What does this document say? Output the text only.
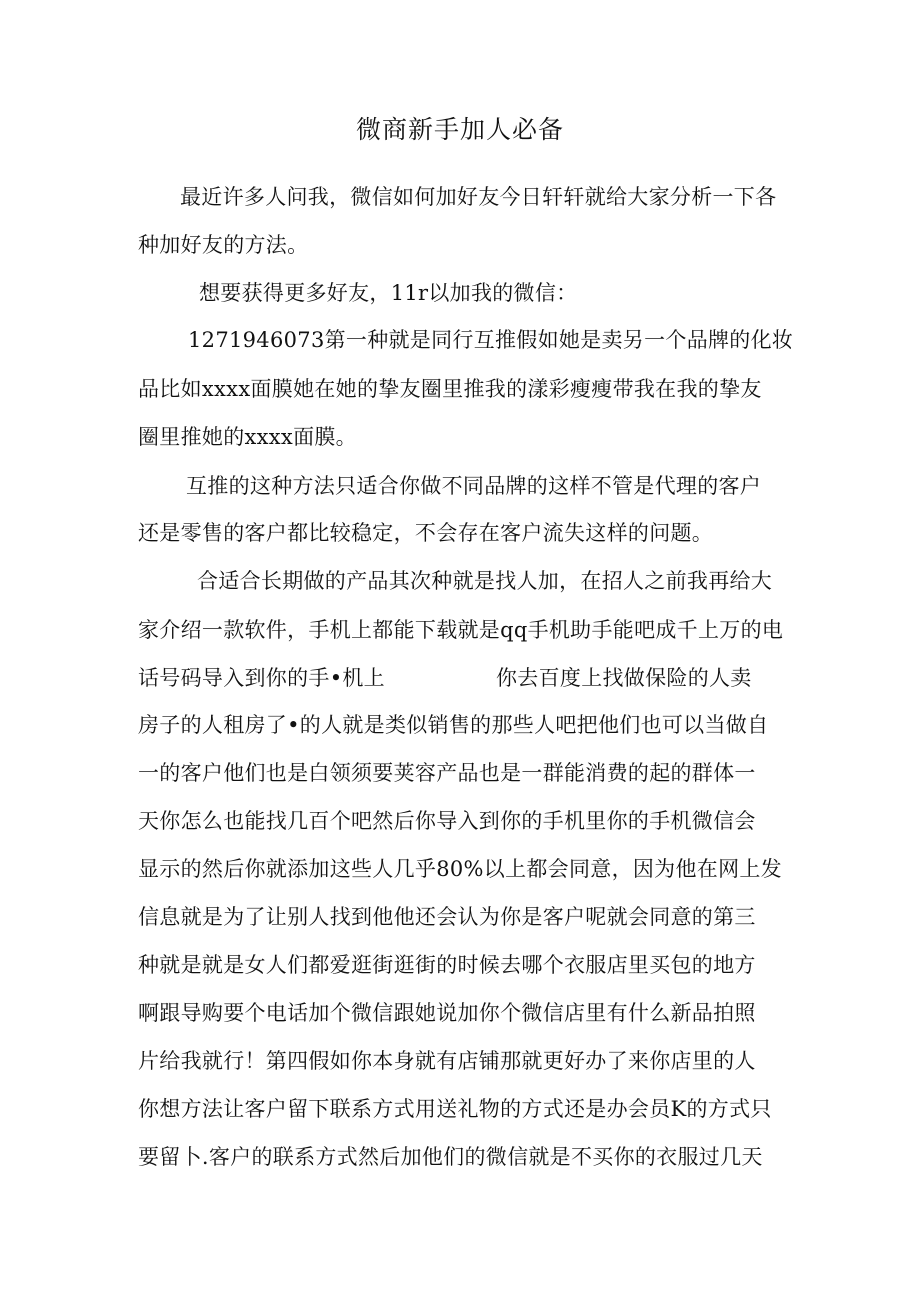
微商新手加人必备
最近许多人问我，微信如何加好友今日轩轩就给大家分析一下各
种加好友的方法。
想要获得更多好友，11r以加我的微信：
1271946073第一种就是同行互推假如她是卖另一个品牌的化妆
品比如xxxx面膜她在她的挚友圈里推我的漾彩瘦瘦带我在我的挚友
圈里推她的xxxx面膜。
互推的这种方法只适合你做不同品牌的这样不管是代理的客户
还是零售的客户都比较稳定，不会存在客户流失这样的问题。
合适合长期做的产品其次种就是找人加，在招人之前我再给大
家介绍一款软件，手机上都能下载就是qq手机助手能吧成千上万的电
话号码导入到你的手•机上	你去百度上找做保险的人卖
房子的人租房了•的人就是类似销售的那些人吧把他们也可以当做自
一的客户他们也是白领须要荚容产品也是一群能消费的起的群体一
天你怎么也能找几百个吧然后你导入到你的手机里你的手机微信会
显示的然后你就添加这些人几乎80%以上都会同意，因为他在网上发
信息就是为了让别人找到他他还会认为你是客户呢就会同意的第三
种就是就是女人们都爱逛街逛街的时候去哪个衣服店里买包的地方
啊跟导购要个电话加个微信跟她说加你个微信店里有什么新品拍照
片给我就行！第四假如你本身就有店铺那就更好办了来你店里的人
你想方法让客户留下联系方式用送礼物的方式还是办会员K的方式只
要留卜.客户的联系方式然后加他们的微信就是不买你的衣服过几天
